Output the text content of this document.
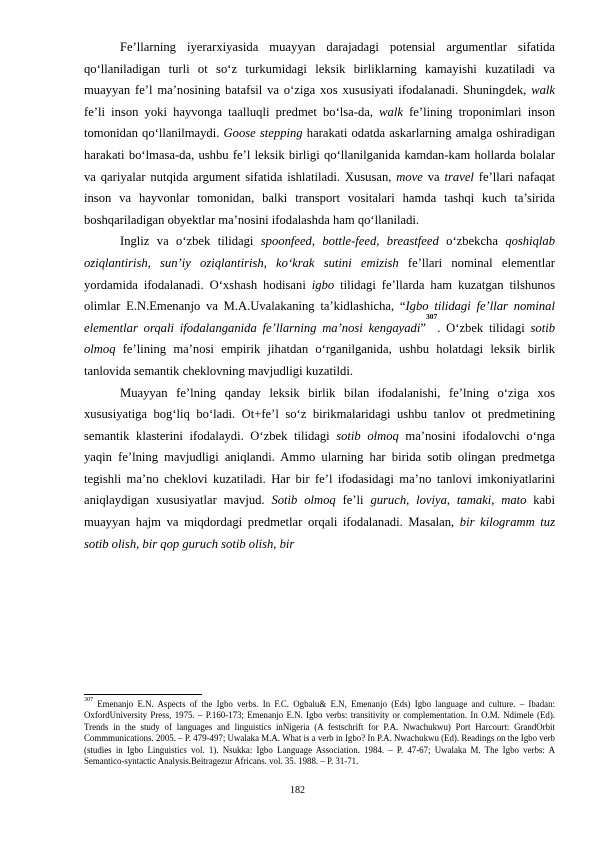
Fe’llarning iyerarxiyasida muayyan darajadagi potensial argumentlar sifatida qo‘llaniladigan turli ot so‘z turkumidagi leksik birliklarning kamayishi kuzatiladi va muayyan fe’l ma’nosining batafsil va o‘ziga xos xususiyati ifodalanadi. Shuningdek, walk fe’li inson yoki hayvonga taalluqli predmet bo‘lsa-da, walk fe’lining troponimlari inson tomonidan qo‘llanilmaydi. Goose stepping harakati odatda askarlarning amalga oshiradigan harakati bo‘lmasa-da, ushbu fe’l leksik birligi qo‘llanilganida kamdan-kam hollarda bolalar va qariyalar nutqida argument sifatida ishlatiladi. Xususan, move va travel fe’llari nafaqat inson va hayvonlar tomonidan, balki transport vositalari hamda tashqi kuch ta’sirida boshqariladigan obyektlar ma’nosini ifodalashda ham qo‘llaniladi.

Ingliz va o‘zbek tilidagi spoonfeed, bottle-feed, breastfeed o‘zbekcha qoshiqlab oziqlantirish, sun’iy oziqlantirish, ko‘krak sutini emizish fe’llari nominal elementlar yordamida ifodalanadi. O‘xshash hodisani igbo tilidagi fe’llarda ham kuzatgan tilshunos olimlar E.N.Emenanjo va M.A.Uvalakaning ta’kidlashicha, “Igbo tilidagi fe’llar nominal elementlar orqali ifodalanganida fe’llarning ma’nosi kengayadi”$^{307}$. O‘zbek tilidagi sotib olmoq fe’lining ma’nosi empirik jihatdan o‘rganilganida, ushbu holatdagi leksik birlik tanlovida semantik cheklovning mavjudligi kuzatildi.

Muayyan fe’lning qanday leksik birlik bilan ifodalanishi, fe’lning o‘ziga xos xususiyatiga bog‘liq bo‘ladi. Ot+fe’l so‘z birikmalaridagi ushbu tanlov ot predmetining semantik klasterini ifodalaydi. O‘zbek tilidagi sotib olmoq ma’nosini ifodalovchi o‘nga yaqin fe’lning mavjudligi aniqlandi. Ammo ularning har birida sotib olingan predmetga tegishli ma’no cheklovi kuzatiladi. Har bir fe’l ifodasidagi ma’no tanlovi imkoniyatlarini aniqlaydigan xususiyatlar mavjud. Sotib olmoq fe’li guruch, loviya, tamaki, mato kabi muayyan hajm va miqdordagi predmetlar orqali ifodalanadi. Masalan, bir kilogramm tuz sotib olish, bir qop guruch sotib olish, bir

$^{307}$ Emenanjo E.N. Aspects of the Igbo verbs. In F.C. Ogbalu& E.N, Emenanjo (Eds) Igbo language and culture. – Ibadan: OxfordUniversity Press, 1975. – P.160-173; Emenanjo E.N. Igbo verbs: transitivity or complementation. In O.M. Ndimele (Ed). Trends in the study of languages and linguistics inNigeria (A festschrift for P.A. Nwachukwu) Port Harcourt: GrandOrbit Commmunications. 2005. – P. 479-497; Uwalaka M.A. What is a verb in Igbo? In P.A. Nwachukwu (Ed). Readings on the Igbo verb (studies in Igbo Linguistics vol. 1). Nsukka: Igbo Language Association. 1984. – P. 47-67; Uwalaka M. The Igbo verbs: A Semantico-syntactic Analysis.Beitragezur Africans. vol. 35. 1988. – P. 31-71.
182
